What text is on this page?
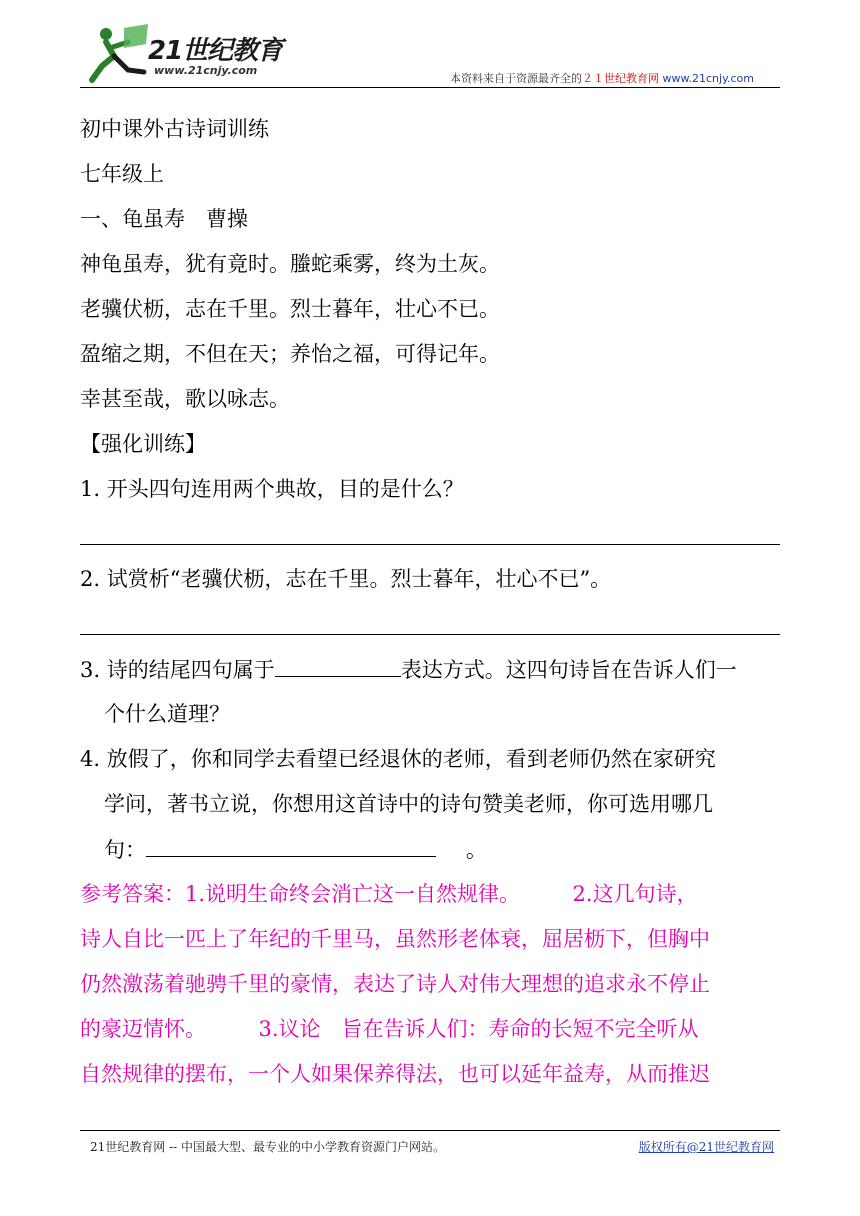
21世纪教育
www.21cnjy.com
本资料来自于资源最齐全的２１世纪教育网 www.21cnjy.com
初中课外古诗词训练
七年级上
一、龟虽寿　曹操
神龟虽寿，犹有竟时。螣蛇乘雾，终为土灰。
老骥伏枥，志在千里。烈士暮年，壮心不已。
盈缩之期，不但在天；养怡之福，可得记年。
幸甚至哉，歌以咏志。
【强化训练】
1. 开头四句连用两个典故，目的是什么？
2. 试赏析“老骥伏枥，志在千里。烈士暮年，壮心不已”。
3. 诗的结尾四句属于	表达方式。这四句诗旨在告诉人们一
个什么道理？
4. 放假了，你和同学去看望已经退休的老师，看到老师仍然在家研究
学问，著书立说，你想用这首诗中的诗句赞美老师，你可选用哪几
句：	。
参考答案：1.说明生命终会消亡这一自然规律。　　　2.这几句诗，
诗人自比一匹上了年纪的千里马，虽然形老体衰，屈居枥下，但胸中
仍然激荡着驰骋千里的豪情，表达了诗人对伟大理想的追求永不停止
的豪迈情怀。　　　3.议论　旨在告诉人们：寿命的长短不完全听从
自然规律的摆布，一个人如果保养得法，也可以延年益寿，从而推迟
21世纪教育网 -- 中国最大型、最专业的中小学教育资源门户网站。	版权所有@21世纪教育网
